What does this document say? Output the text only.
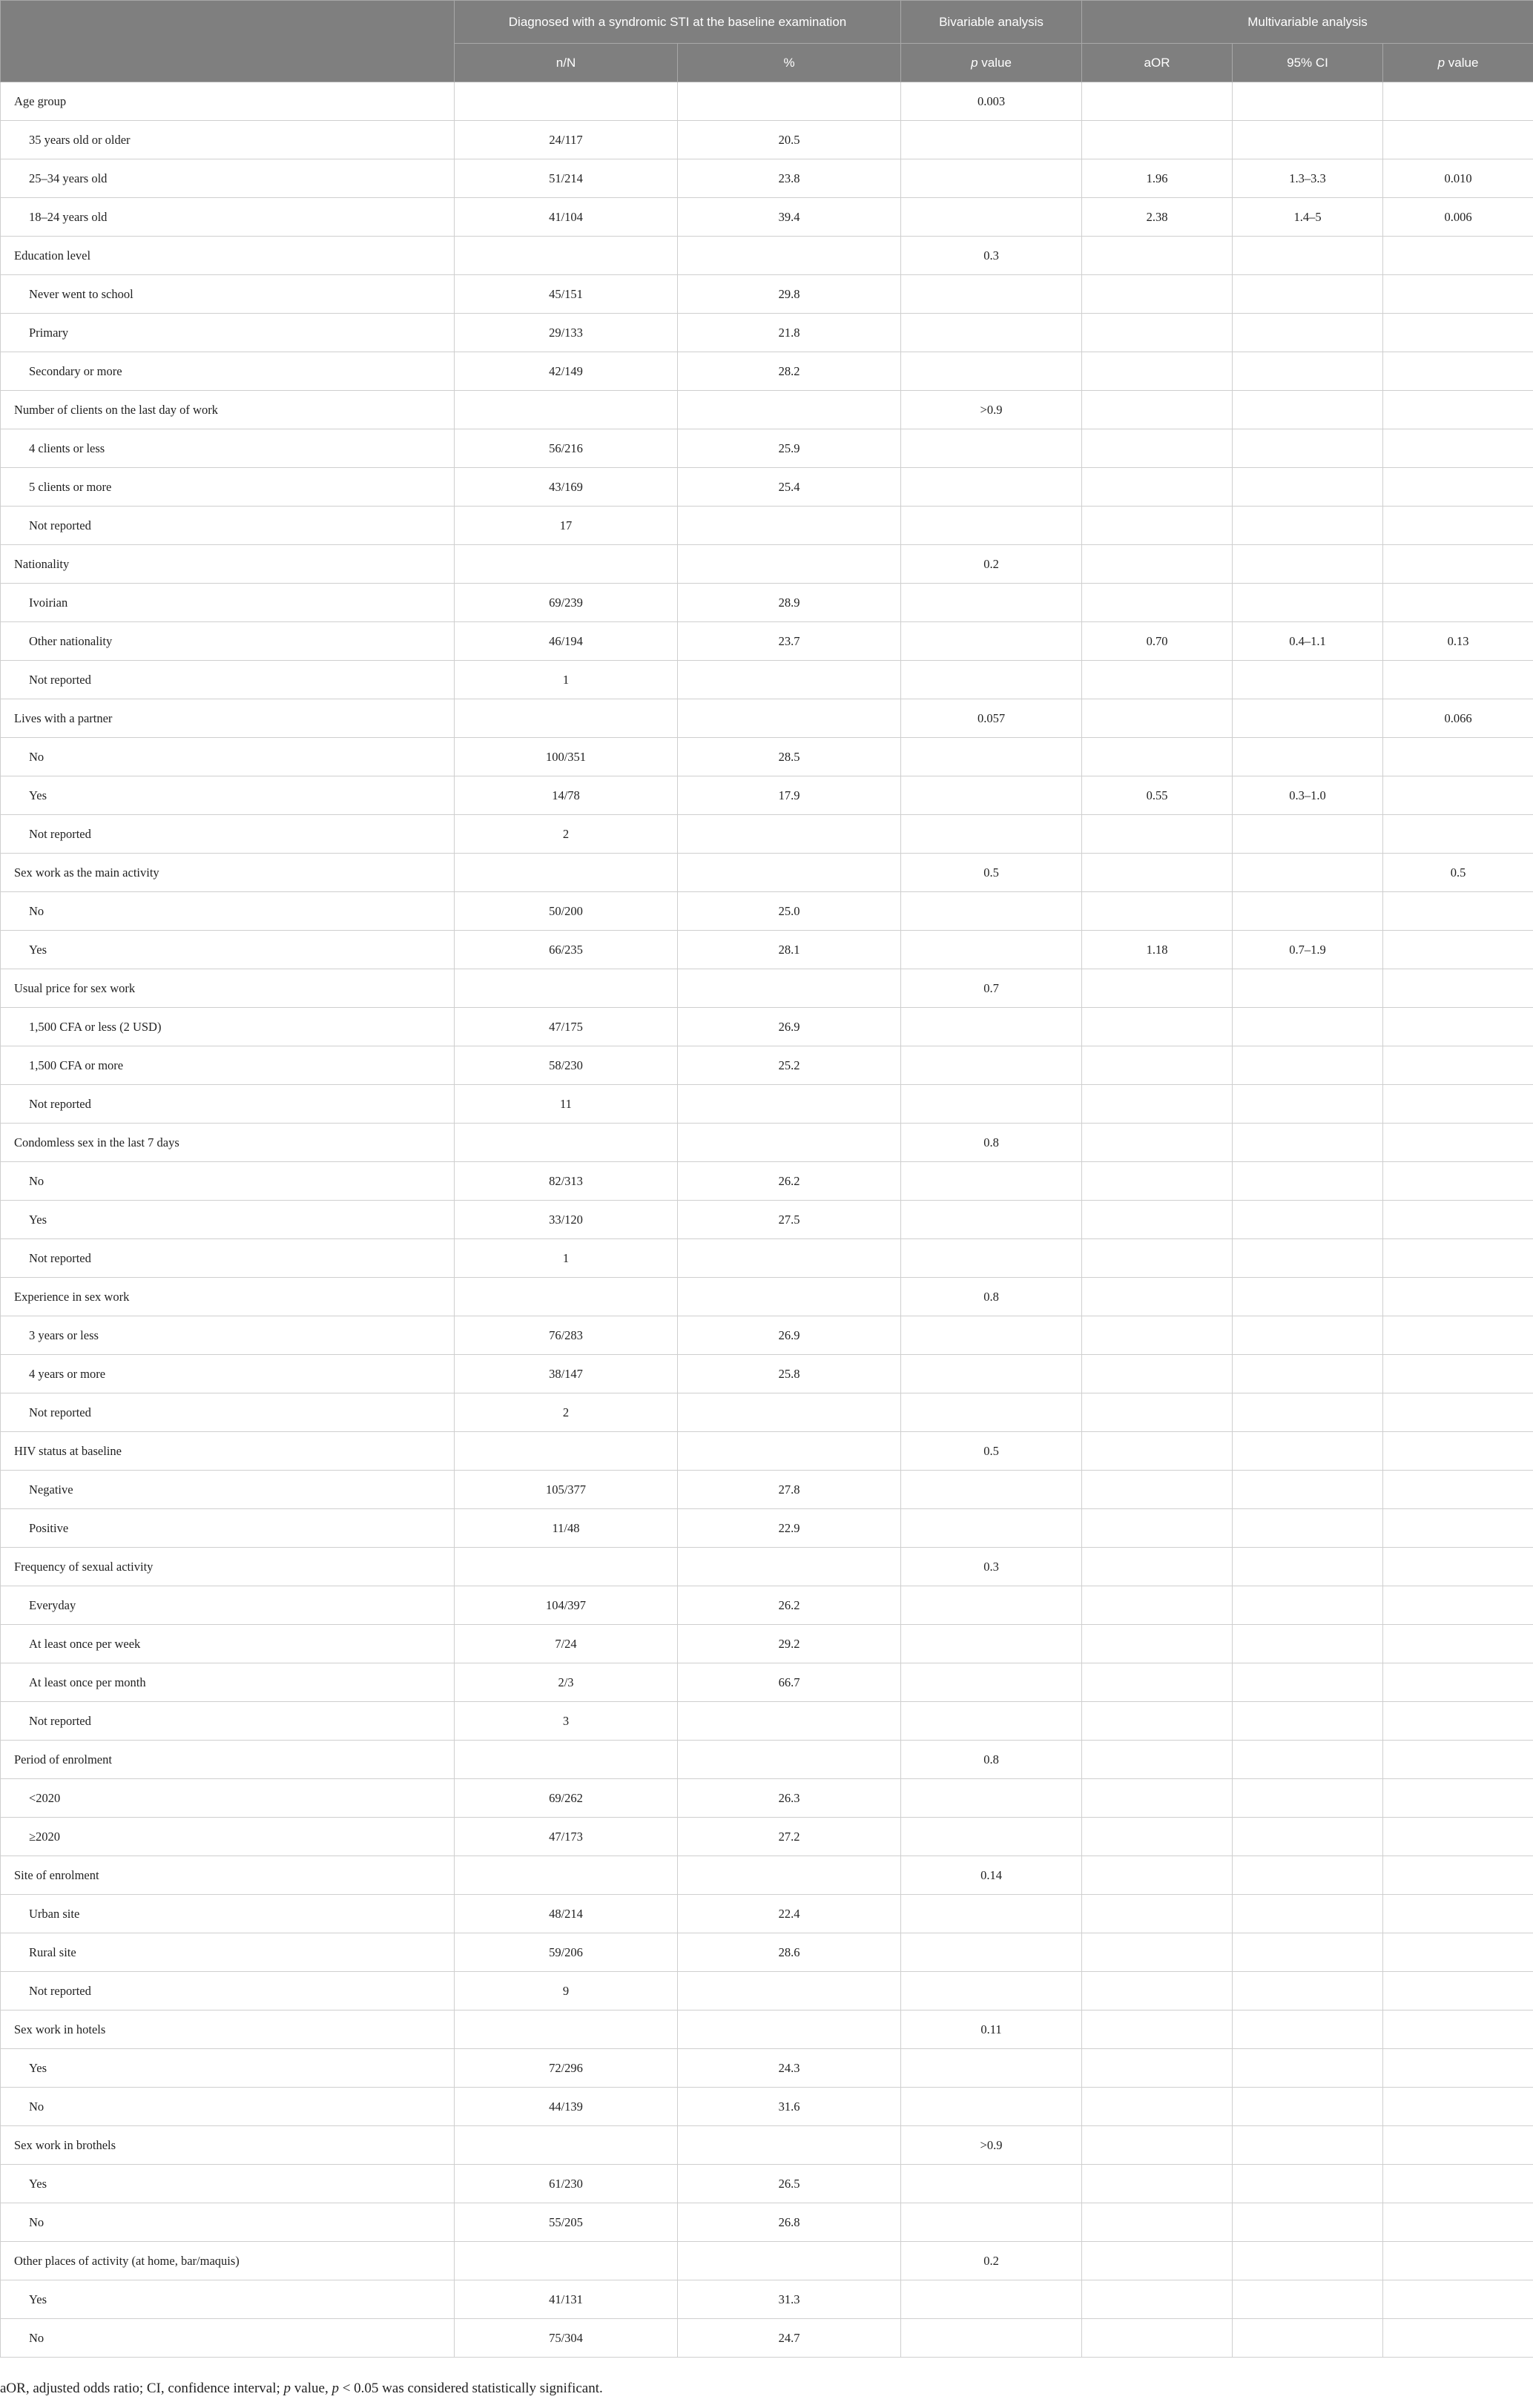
	Diagnosed with a syndromic STI at the baseline examination		Bivariable analysis	Multivariable analysis		
	n/N	%	p value	aOR	95% CI	p value
Age group			0.003			
35 years old or older	24/117	20.5				
25–34 years old	51/214	23.8		1.96	1.3–3.3	0.010
18–24 years old	41/104	39.4		2.38	1.4–5	0.006
Education level			0.3			
Never went to school	45/151	29.8				
Primary	29/133	21.8				
Secondary or more	42/149	28.2				
Number of clients on the last day of work			>0.9			
4 clients or less	56/216	25.9				
5 clients or more	43/169	25.4				
Not reported	17					
Nationality			0.2			
Ivoirian	69/239	28.9				
Other nationality	46/194	23.7		0.70	0.4–1.1	0.13
Not reported	1					
Lives with a partner			0.057			0.066
No	100/351	28.5				
Yes	14/78	17.9		0.55	0.3–1.0	
Not reported	2					
Sex work as the main activity			0.5			0.5
No	50/200	25.0				
Yes	66/235	28.1		1.18	0.7–1.9	
Usual price for sex work			0.7			
1,500 CFA or less (2 USD)	47/175	26.9				
1,500 CFA or more	58/230	25.2				
Not reported	11					
Condomless sex in the last 7 days			0.8			
No	82/313	26.2				
Yes	33/120	27.5				
Not reported	1					
Experience in sex work			0.8			
3 years or less	76/283	26.9				
4 years or more	38/147	25.8				
Not reported	2					
HIV status at baseline			0.5			
Negative	105/377	27.8				
Positive	11/48	22.9				
Frequency of sexual activity			0.3			
Everyday	104/397	26.2				
At least once per week	7/24	29.2				
At least once per month	2/3	66.7				
Not reported	3					
Period of enrolment			0.8			
<2020	69/262	26.3				
≥2020	47/173	27.2				
Site of enrolment			0.14			
Urban site	48/214	22.4				
Rural site	59/206	28.6				
Not reported	9					
Sex work in hotels			0.11			
Yes	72/296	24.3				
No	44/139	31.6				
Sex work in brothels			>0.9			
Yes	61/230	26.5				
No	55/205	26.8				
Other places of activity (at home, bar/maquis)			0.2			
Yes	41/131	31.3				
No	75/304	24.7				
aOR, adjusted odds ratio; CI, confidence interval; p value, p < 0.05 was considered statistically significant.
